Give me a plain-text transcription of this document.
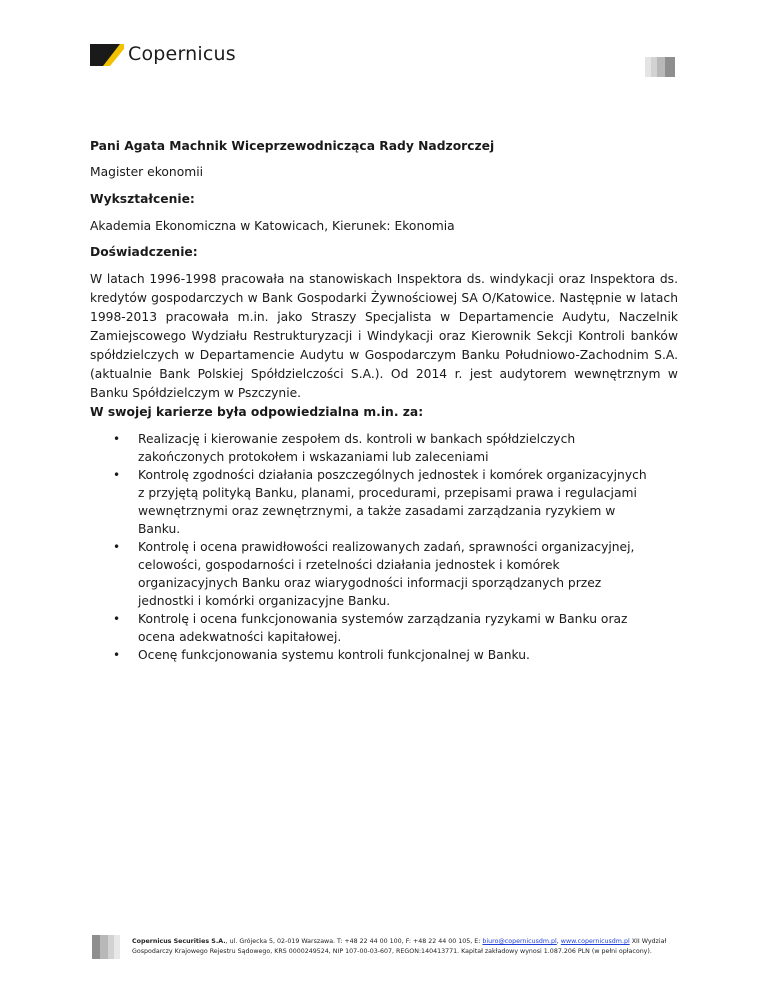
Copernicus

Pani Agata Machnik Wiceprzewodnicząca Rady Nadzorczej

Magister ekonomii

Wykształcenie:

Akademia Ekonomiczna w Katowicach, Kierunek: Ekonomia

Doświadczenie:

W latach 1996-1998 pracowała na stanowiskach Inspektora ds. windykacji oraz Inspektora ds. kredytów gospodarczych w Bank Gospodarki Żywnościowej SA O/Katowice. Następnie w latach 1998-2013 pracowała m.in. jako Straszy Specjalista w Departamencie Audytu, Naczelnik Zamiejscowego Wydziału Restrukturyzacji i Windykacji oraz Kierownik Sekcji Kontroli banków spółdzielczych w Departamencie Audytu w Gospodarczym Banku Południowo-Zachodnim S.A. (aktualnie Bank Polskiej Spółdzielczości S.A.). Od 2014 r. jest audytorem wewnętrznym w Banku Spółdzielczym w Pszczynie.

W swojej karierze była odpowiedzialna m.in. za:

• Realizację i kierowanie zespołem ds. kontroli w bankach spółdzielczych zakończonych protokołem i wskazaniami lub zaleceniami
• Kontrolę zgodności działania poszczególnych jednostek i komórek organizacyjnych z przyjętą polityką Banku, planami, procedurami, przepisami prawa i regulacjami wewnętrznymi oraz zewnętrznymi, a także zasadami zarządzania ryzykiem w Banku.
• Kontrolę i ocena prawidłowości realizowanych zadań, sprawności organizacyjnej, celowości, gospodarności i rzetelności działania jednostek i komórek organizacyjnych Banku oraz wiarygodności informacji sporządzanych przez jednostki i komórki organizacyjne Banku.
• Kontrolę i ocena funkcjonowania systemów zarządzania ryzykami w Banku oraz ocena adekwatności kapitałowej.
• Ocenę funkcjonowania systemu kontroli funkcjonalnej w Banku.
Copernicus Securities S.A., ul. Grójecka 5, 02-019 Warszawa. T: +48 22 44 00 100, F: +48 22 44 00 105, E: biuro@copernicusdm.pl, www.copernicusdm.pl XII Wydział
Gospodarczy Krajowego Rejestru Sądowego, KRS 0000249524, NIP 107-00-03-607, REGON:140413771. Kapitał zakładowy wynosi 1.087.206 PLN (w pełni opłacony).
